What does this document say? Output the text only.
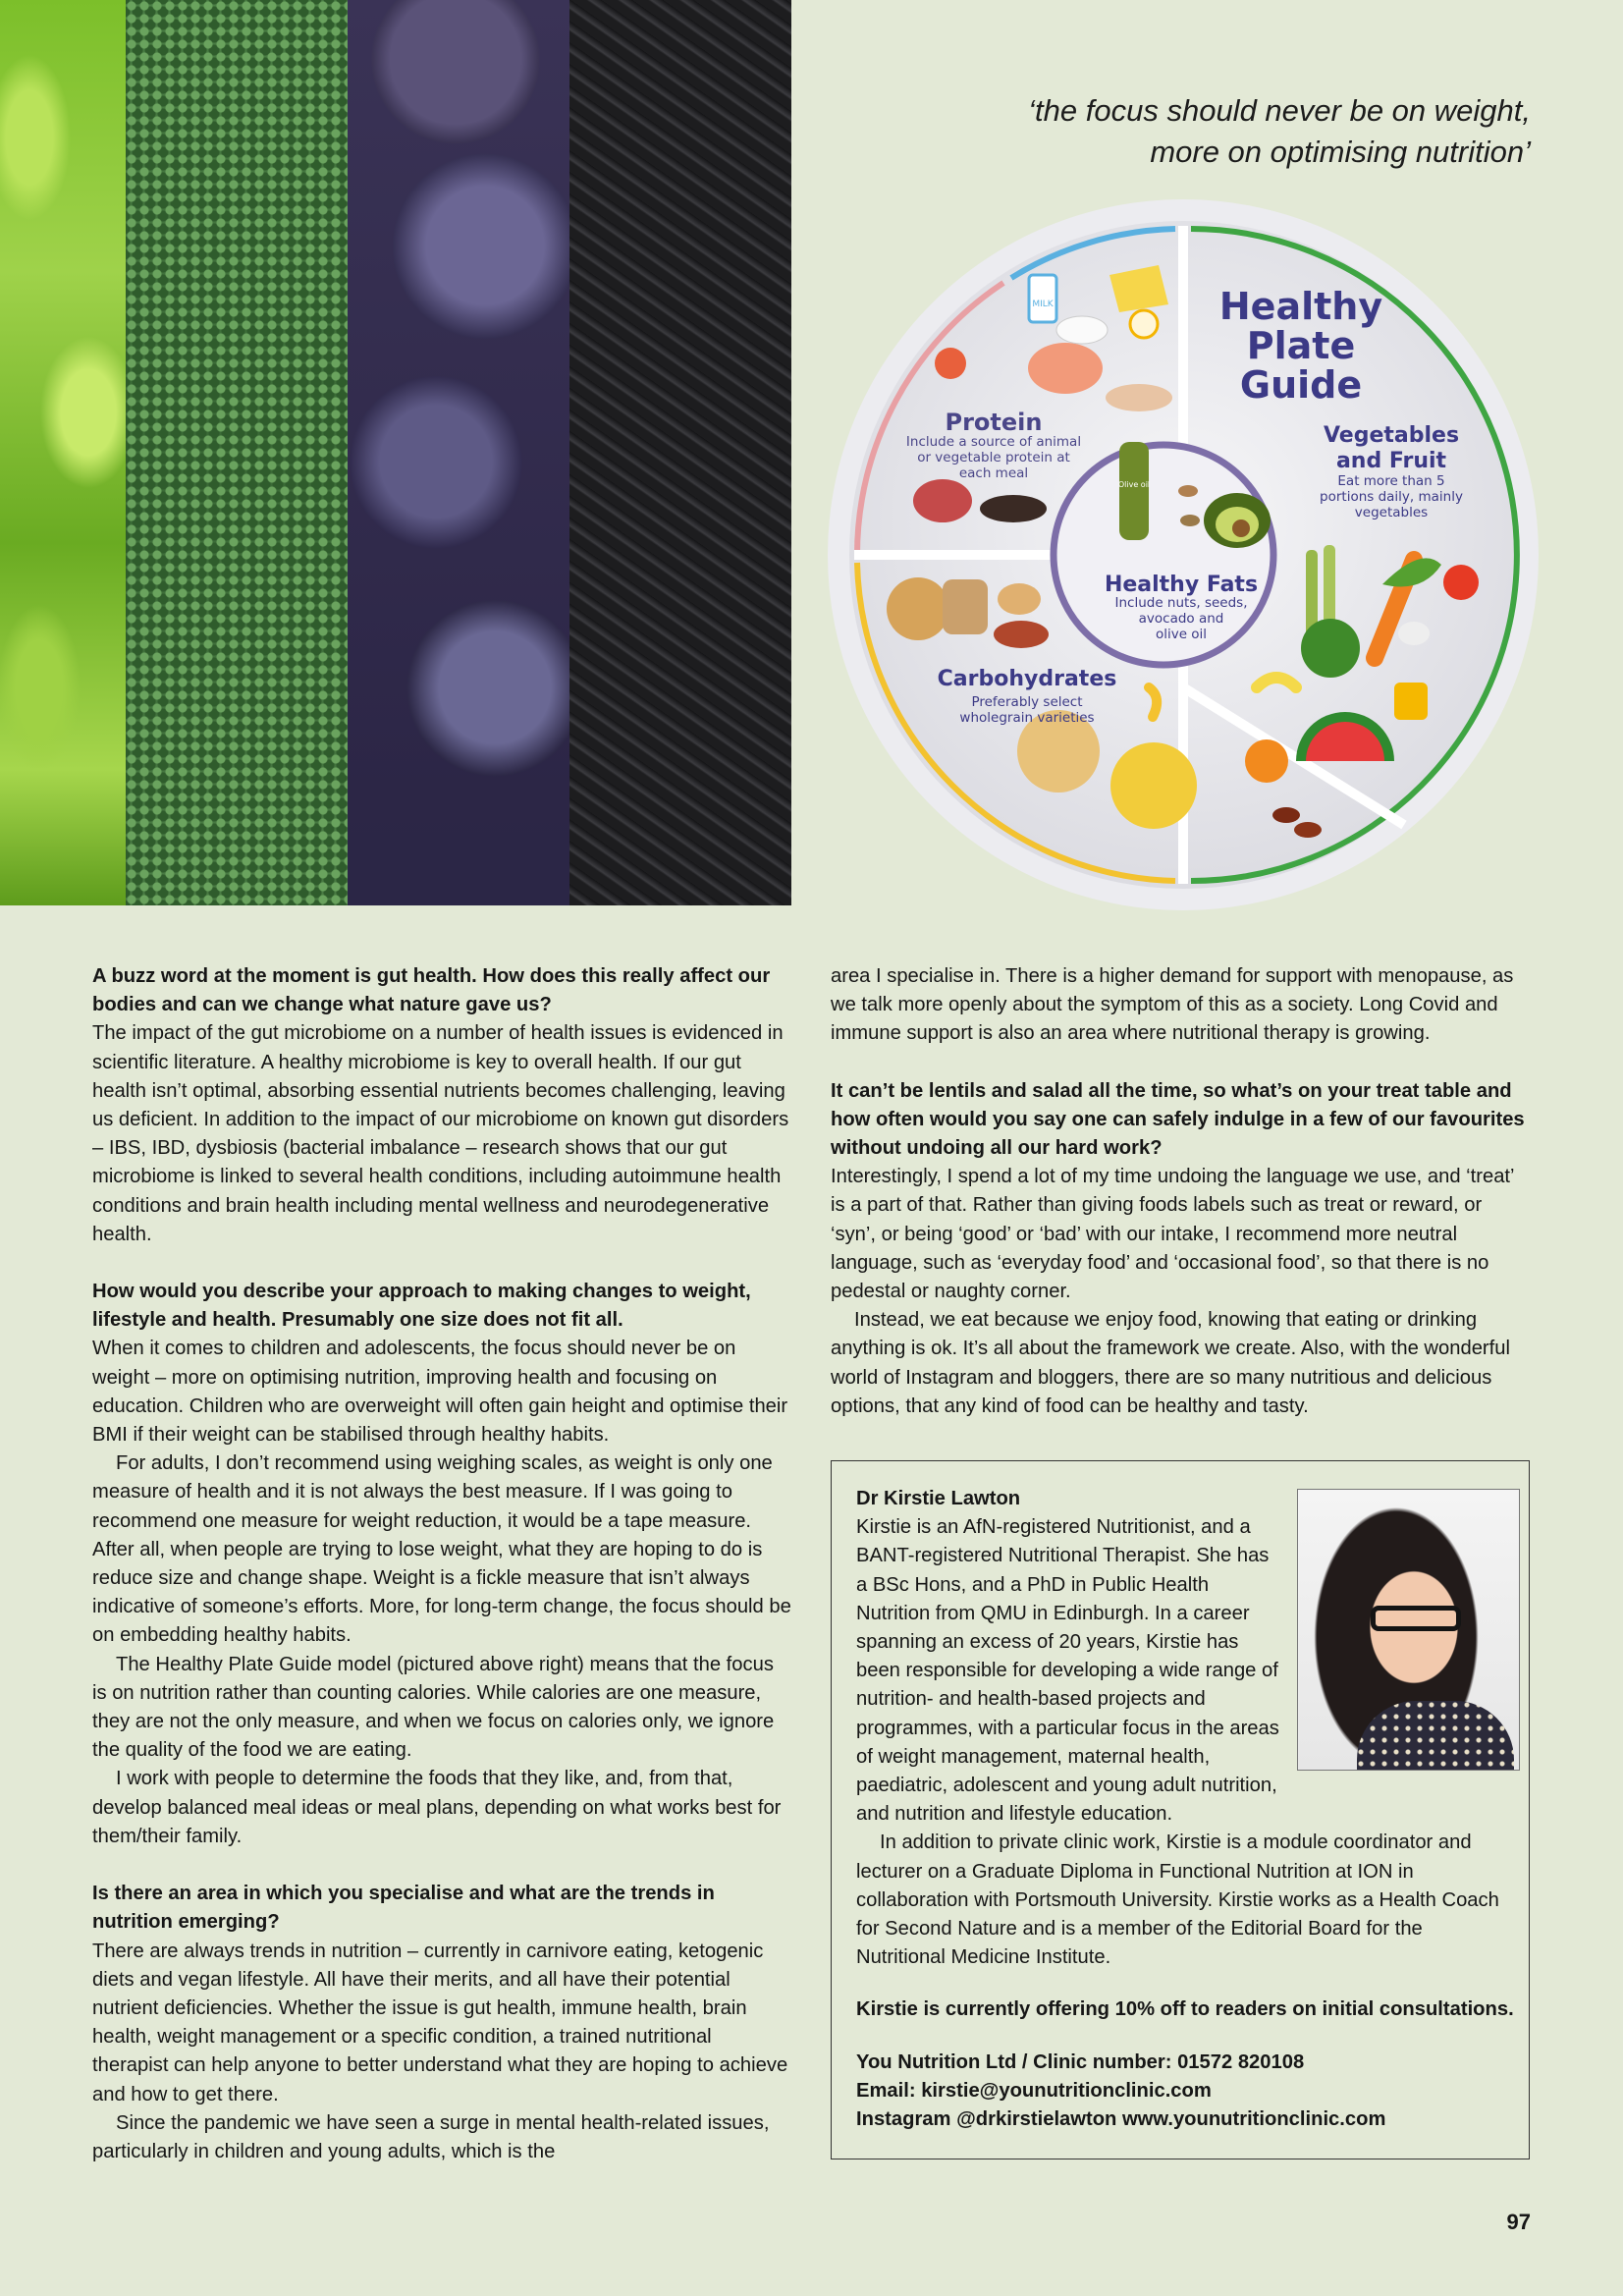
‘the focus should never be on weight,
more on optimising nutrition’
MILK
Olive oil
Healthy
Plate
Guide
Protein
Include a source of animal
or vegetable protein at
each meal
Vegetables
and Fruit
Eat more than 5
portions daily, mainly
vegetables
Healthy Fats
Include nuts, seeds,
avocado and
olive oil
Carbohydrates
Preferably select
wholegrain varieties

A buzz word at the moment is gut health. How does this really affect our bodies and can we change what nature gave us?

The impact of the gut microbiome on a number of health issues is evidenced in scientific literature. A healthy microbiome is key to overall health. If our gut health isn’t optimal, absorbing essential nutrients becomes challenging, leaving us deficient. In addition to the impact of our microbiome on known gut disorders – IBS, IBD, dysbiosis (bacterial imbalance – research shows that our gut microbiome is linked to several health conditions, including autoimmune health conditions and brain health including mental wellness and neurodegenerative health.

How would you describe your approach to making changes to weight, lifestyle and health. Presumably one size does not fit all.

When it comes to children and adolescents, the focus should never be on weight – more on optimising nutrition, improving health and focusing on education. Children who are overweight will often gain height and optimise their BMI if their weight can be stabilised through healthy habits.

For adults, I don’t recommend using weighing scales, as weight is only one measure of health and it is not always the best measure. If I was going to recommend one measure for weight reduction, it would be a tape measure. After all, when people are trying to lose weight, what they are hoping to do is reduce size and change shape. Weight is a fickle measure that isn’t always indicative of someone’s efforts. More, for long-term change, the focus should be on embedding healthy habits.

The Healthy Plate Guide model (pictured above right) means that the focus is on nutrition rather than counting calories. While calories are one measure, they are not the only measure, and when we focus on calories only, we ignore the quality of the food we are eating.

I work with people to determine the foods that they like, and, from that, develop balanced meal ideas or meal plans, depending on what works best for them/their family.

Is there an area in which you specialise and what are the trends in nutrition emerging?

There are always trends in nutrition – currently in carnivore eating, ketogenic diets and vegan lifestyle. All have their merits, and all have their potential nutrient deficiencies. Whether the issue is gut health, immune health, brain health, weight management or a specific condition, a trained nutritional therapist can help anyone to better understand what they are hoping to achieve and how to get there.

Since the pandemic we have seen a surge in mental health-related issues, particularly in children and young adults, which is the

area I specialise in. There is a higher demand for support with menopause, as we talk more openly about the symptom of this as a society. Long Covid and immune support is also an area where nutritional therapy is growing.

It can’t be lentils and salad all the time, so what’s on your treat table and how often would you say one can safely indulge in a few of our favourites without undoing all our hard work?

Interestingly, I spend a lot of my time undoing the language we use, and ‘treat’ is a part of that. Rather than giving foods labels such as treat or reward, or ‘syn’, or being ‘good’ or ‘bad’ with our intake, I recommend more neutral language, such as ‘everyday food’ and ‘occasional food’, so that there is no pedestal or naughty corner.

Instead, we eat because we enjoy food, knowing that eating or drinking anything is ok. It’s all about the framework we create. Also, with the wonderful world of Instagram and bloggers, there are so many nutritious and delicious options, that any kind of food can be healthy and tasty.

Dr Kirstie Lawton

Kirstie is an AfN-registered Nutritionist, and a BANT-registered Nutritional Therapist. She has a BSc Hons, and a PhD in Public Health Nutrition from QMU in Edinburgh. In a career spanning an excess of 20 years, Kirstie has been responsible for developing a wide range of nutrition- and health-based projects and programmes, with a particular focus in the areas of weight management, maternal health, paediatric, adolescent and young adult nutrition, and nutrition and lifestyle education.

In addition to private clinic work, Kirstie is a module coordinator and lecturer on a Graduate Diploma in Functional Nutrition at ION in collaboration with Portsmouth University. Kirstie works as a Health Coach for Second Nature and is a member of the Editorial Board for the Nutritional Medicine Institute.

Kirstie is currently offering 10% off to readers on initial consultations.

You Nutrition Ltd / Clinic number: 01572 820108

Email: kirstie@younutritionclinic.com

Instagram @drkirstielawton www.younutritionclinic.com

97
